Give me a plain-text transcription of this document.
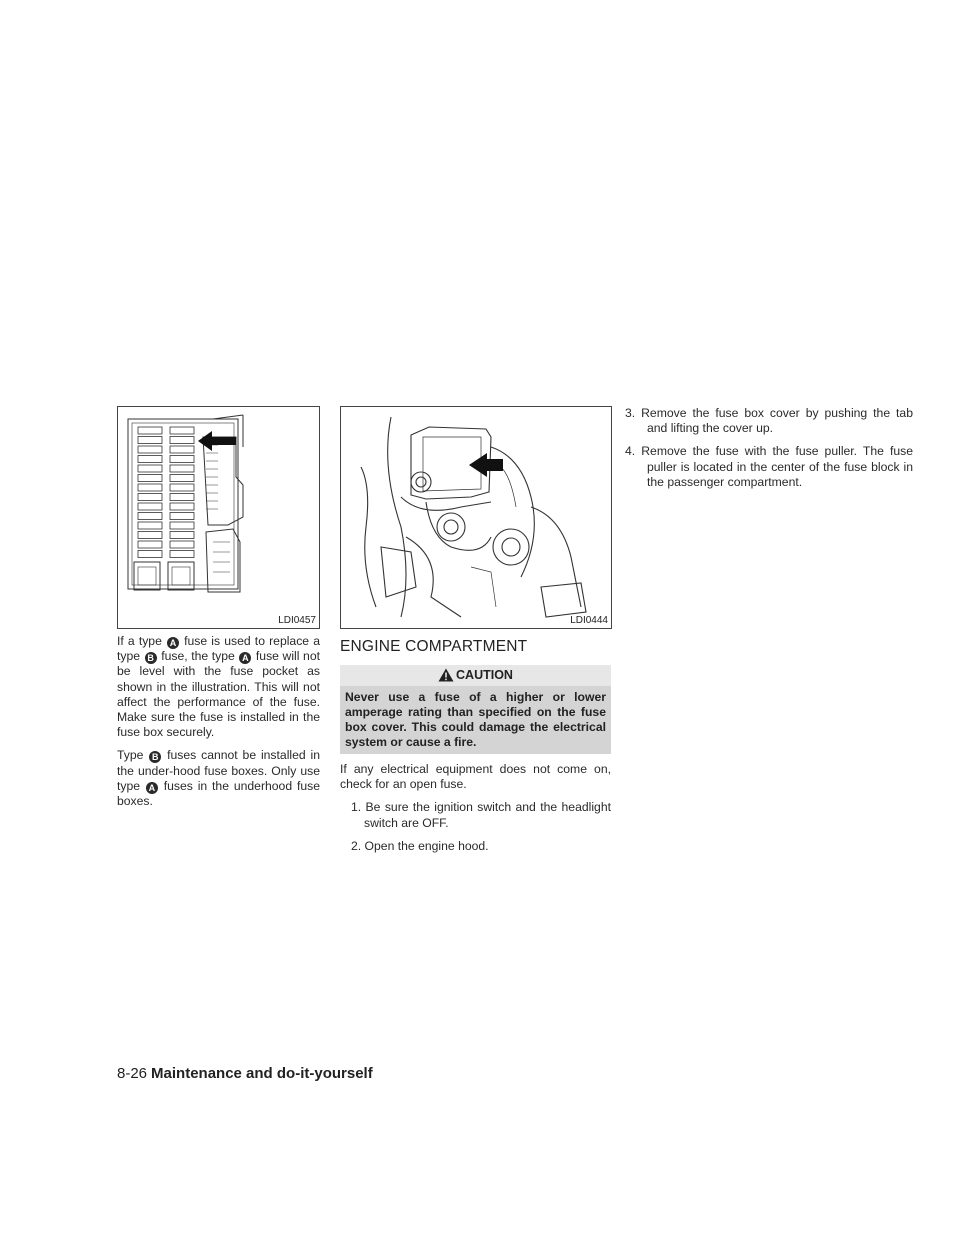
LDI0457	LDI0444

If a type A fuse is used to replace a type B fuse, the type A fuse will not be level with the fuse pocket as shown in the illustration. This will not affect the performance of the fuse. Make sure the fuse is installed in the fuse box securely.

Type B fuses cannot be installed in the under-hood fuse boxes. Only use type A fuses in the underhood fuse boxes.

ENGINE COMPARTMENT
CAUTION
Never use a fuse of a higher or lower amperage rating than specified on the fuse box cover. This could damage the electrical system or cause a fire.

If any electrical equipment does not come on, check for an open fuse.

1. Be sure the ignition switch and the headlight switch are OFF.

2. Open the engine hood.

3. Remove the fuse box cover by pushing the tab and lifting the cover up.

4. Remove the fuse with the fuse puller. The fuse puller is located in the center of the fuse block in the passenger compartment.

8-26 Maintenance and do-it-yourself
